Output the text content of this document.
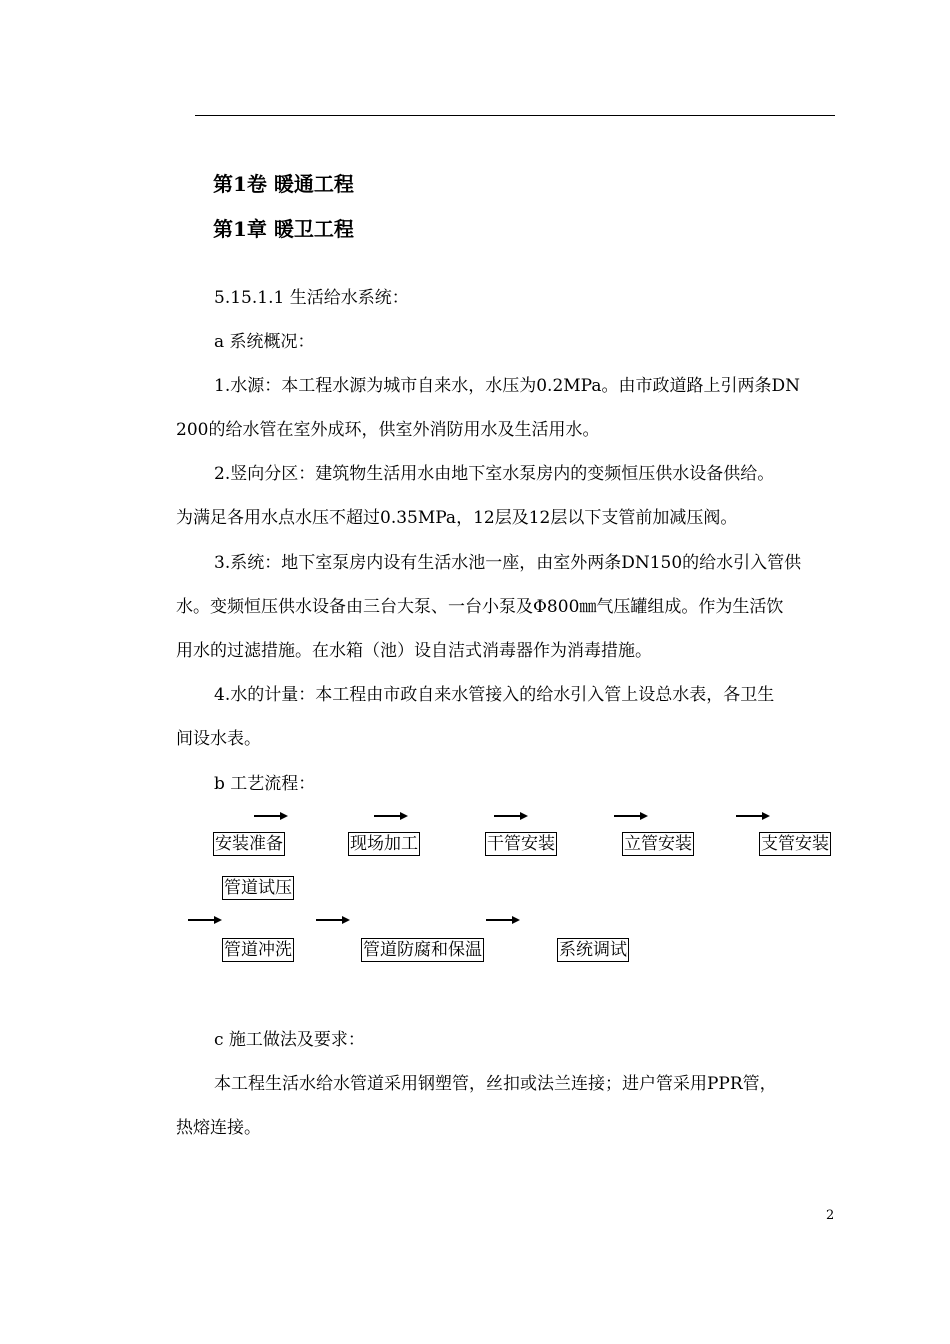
第1卷 暖通工程
第1章 暖卫工程
5.15.1.1 生活给水系统：
a 系统概况：
1.水源：本工程水源为城市自来水，水压为0.2MPa。由市政道路上引两条DN
200的给水管在室外成环，供室外消防用水及生活用水。
2.竖向分区：建筑物生活用水由地下室水泵房内的变频恒压供水设备供给。
为满足各用水点水压不超过0.35MPa，12层及12层以下支管前加减压阀。
3.系统：地下室泵房内设有生活水池一座，由室外两条DN150的给水引入管供
水。变频恒压供水设备由三台大泵、一台小泵及Φ800㎜气压罐组成。作为生活饮
用水的过滤措施。在水箱（池）设自洁式消毒器作为消毒措施。
4.水的计量：本工程由市政自来水管接入的给水引入管上设总水表，各卫生
间设水表。
b 工艺流程：
安装准备	现场加工	干管安装	立管安装	支管安装
管道试压
管道冲洗	管道防腐和保温	系统调试
c 施工做法及要求：
本工程生活水给水管道采用钢塑管，丝扣或法兰连接；进户管采用PPR管，
热熔连接。
2
